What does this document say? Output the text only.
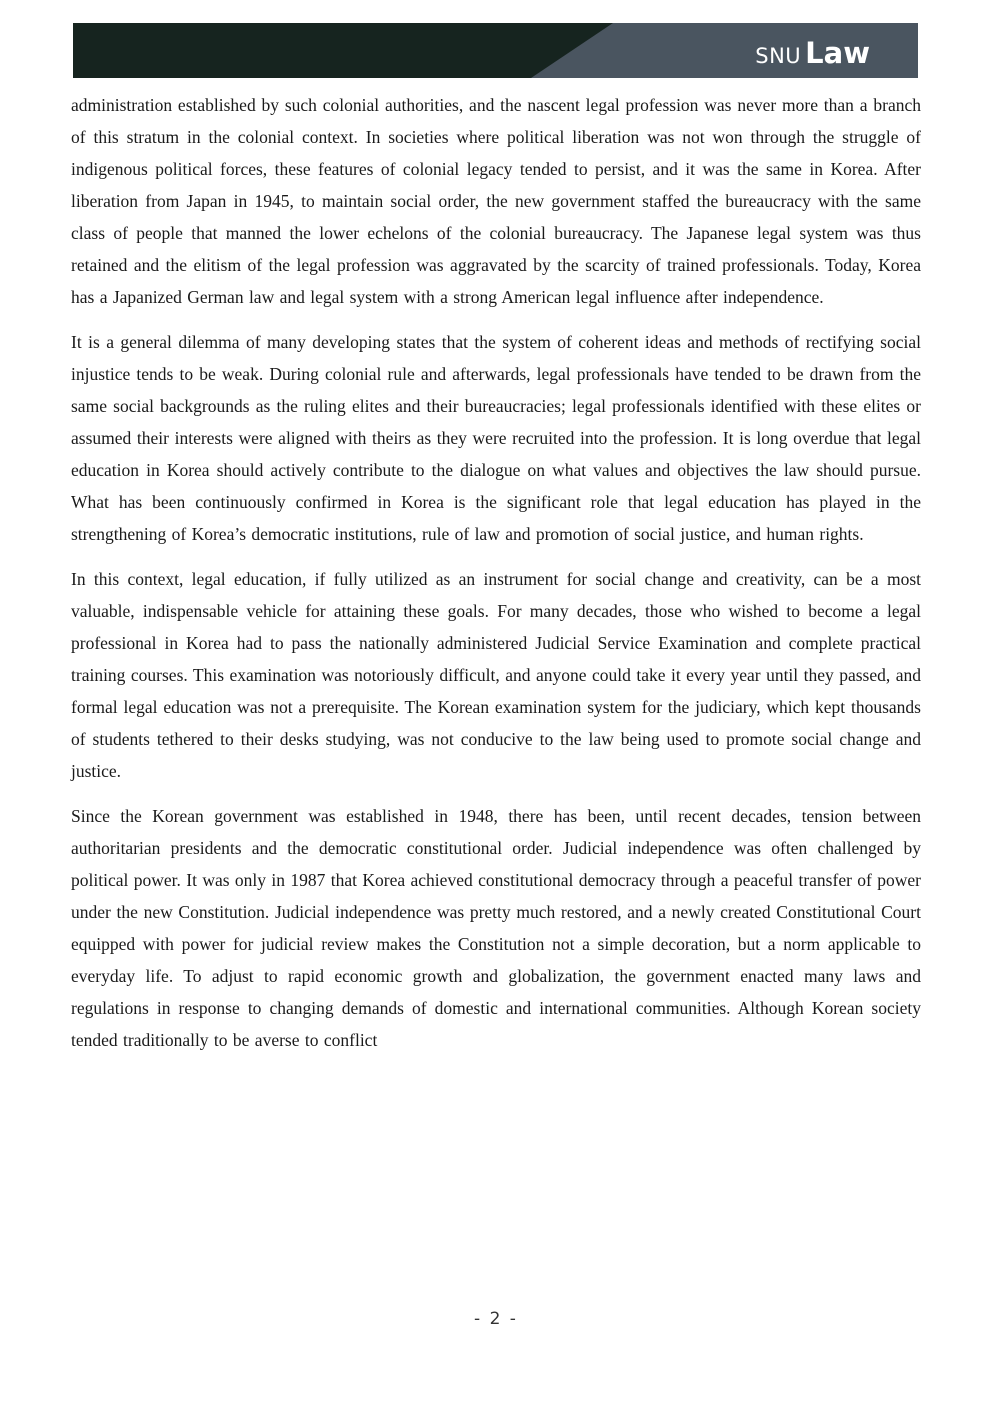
SNU Law

administration established by such colonial authorities, and the nascent legal profession was never more than a branch of this stratum in the colonial context. In societies where political liberation was not won through the struggle of indigenous political forces, these features of colonial legacy tended to persist, and it was the same in Korea. After liberation from Japan in 1945, to maintain social order, the new government staffed the bureaucracy with the same class of people that manned the lower echelons of the colonial bureaucracy. The Japanese legal system was thus retained and the elitism of the legal profession was aggravated by the scarcity of trained professionals. Today, Korea has a Japanized German law and legal system with a strong American legal influence after independence.

It is a general dilemma of many developing states that the system of coherent ideas and methods of rectifying social injustice tends to be weak. During colonial rule and afterwards, legal professionals have tended to be drawn from the same social backgrounds as the ruling elites and their bureaucracies; legal professionals identified with these elites or assumed their interests were aligned with theirs as they were recruited into the profession. It is long overdue that legal education in Korea should actively contribute to the dialogue on what values and objectives the law should pursue. What has been continuously confirmed in Korea is the significant role that legal education has played in the strengthening of Korea’s democratic institutions, rule of law and promotion of social justice, and human rights.

In this context, legal education, if fully utilized as an instrument for social change and creativity, can be a most valuable, indispensable vehicle for attaining these goals. For many decades, those who wished to become a legal professional in Korea had to pass the nationally administered Judicial Service Examination and complete practical training courses. This examination was notoriously difficult, and anyone could take it every year until they passed, and formal legal education was not a prerequisite. The Korean examination system for the judiciary, which kept thousands of students tethered to their desks studying, was not conducive to the law being used to promote social change and justice.

Since the Korean government was established in 1948, there has been, until recent decades, tension between authoritarian presidents and the democratic constitutional order. Judicial independence was often challenged by political power. It was only in 1987 that Korea achieved constitutional democracy through a peaceful transfer of power under the new Constitution. Judicial independence was pretty much restored, and a newly created Constitutional Court equipped with power for judicial review makes the Constitution not a simple decoration, but a norm applicable to everyday life. To adjust to rapid economic growth and globalization, the government enacted many laws and regulations in response to changing demands of domestic and international communities. Although Korean society tended traditionally to be averse to conflict

- 2 -
